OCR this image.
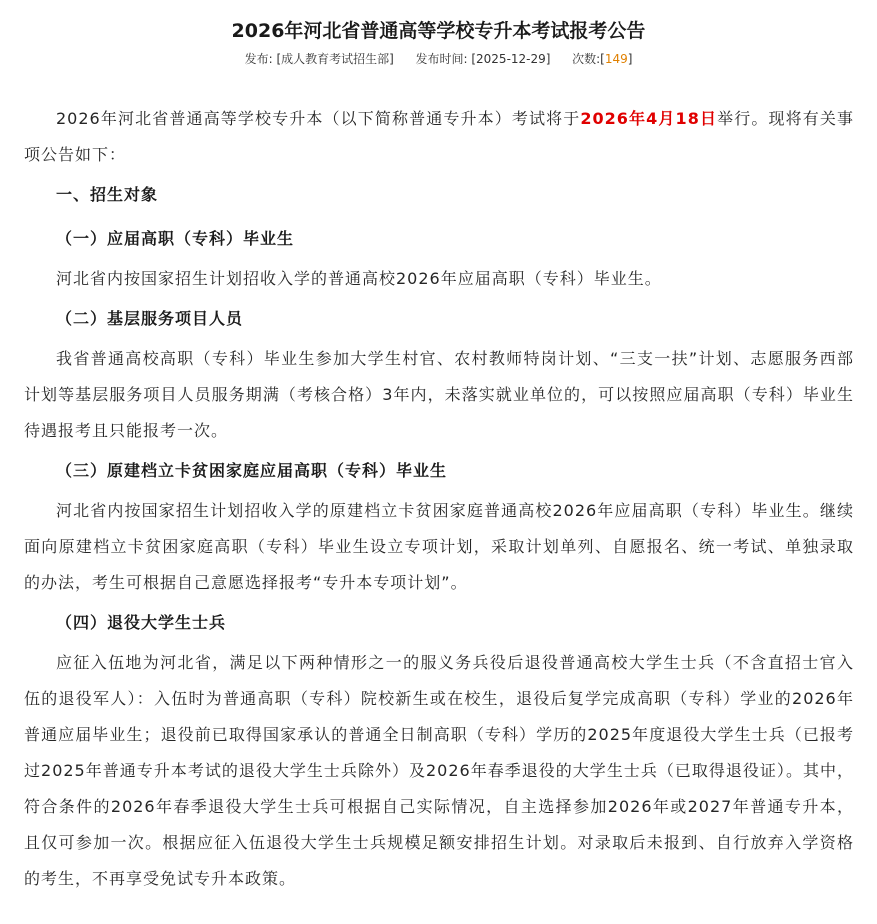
2026年河北省普通高等学校专升本考试报考公告
发布: [成人教育考试招生部] 发布时间: [2025-12-29] 次数:[149]

2026年河北省普通高等学校专升本（以下简称普通专升本）考试将于2026年4月18日举行。现将有关事项公告如下：

一、招生对象

（一）应届高职（专科）毕业生

河北省内按国家招生计划招收入学的普通高校2026年应届高职（专科）毕业生。

（二）基层服务项目人员

我省普通高校高职（专科）毕业生参加大学生村官、农村教师特岗计划、“三支一扶”计划、志愿服务西部计划等基层服务项目人员服务期满（考核合格）3年内，未落实就业单位的，可以按照应届高职（专科）毕业生待遇报考且只能报考一次。

（三）原建档立卡贫困家庭应届高职（专科）毕业生

河北省内按国家招生计划招收入学的原建档立卡贫困家庭普通高校2026年应届高职（专科）毕业生。继续面向原建档立卡贫困家庭高职（专科）毕业生设立专项计划，采取计划单列、自愿报名、统一考试、单独录取的办法，考生可根据自己意愿选择报考“专升本专项计划”。

（四）退役大学生士兵

应征入伍地为河北省，满足以下两种情形之一的服义务兵役后退役普通高校大学生士兵（不含直招士官入伍的退役军人）：入伍时为普通高职（专科）院校新生或在校生，退役后复学完成高职（专科）学业的2026年普通应届毕业生；退役前已取得国家承认的普通全日制高职（专科）学历的2025年度退役大学生士兵（已报考过2025年普通专升本考试的退役大学生士兵除外）及2026年春季退役的大学生士兵（已取得退役证）。其中，符合条件的2026年春季退役大学生士兵可根据自己实际情况，自主选择参加2026年或2027年普通专升本，且仅可参加一次。根据应征入伍退役大学生士兵规模足额安排招生计划。对录取后未报到、自行放弃入学资格的考生，不再享受免试专升本政策。
